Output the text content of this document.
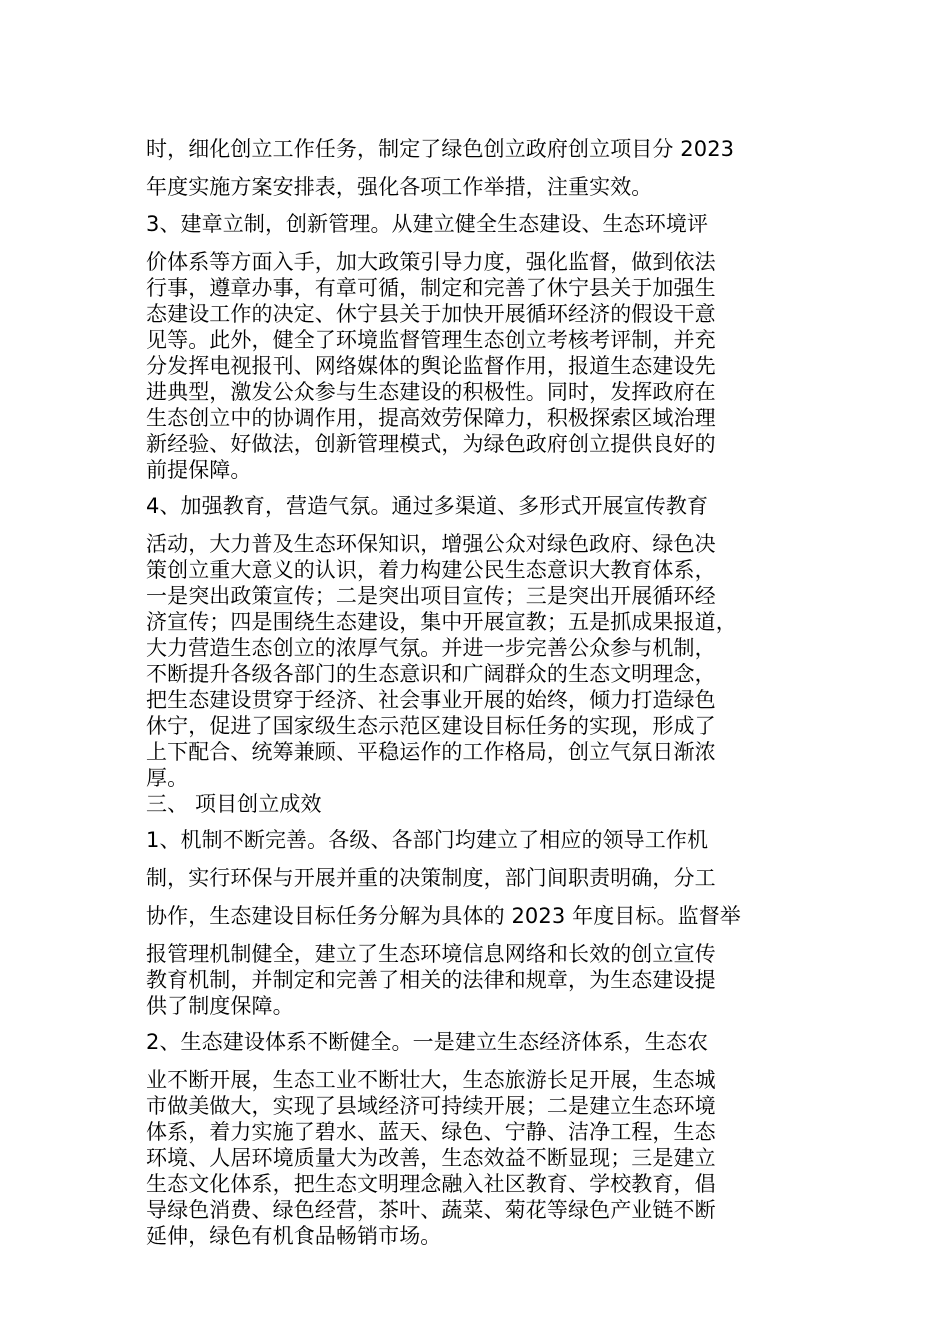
时，细化创立工作任务，制定了绿色创立政府创立项目分 2023
年度实施方案安排表，强化各项工作举措，注重实效。
3、建章立制，创新管理。从建立健全生态建设、生态环境评
价体系等方面入手，加大政策引导力度，强化监督，做到依法
行事，遵章办事，有章可循，制定和完善了休宁县关于加强生
态建设工作的决定、休宁县关于加快开展循环经济的假设干意
见等。此外，健全了环境监督管理生态创立考核考评制，并充
分发挥电视报刊、网络媒体的舆论监督作用，报道生态建设先
进典型，激发公众参与生态建设的积极性。同时，发挥政府在
生态创立中的协调作用，提高效劳保障力，积极探索区域治理
新经验、好做法，创新管理模式，为绿色政府创立提供良好的
前提保障。
4、加强教育，营造气氛。通过多渠道、多形式开展宣传教育
活动，大力普及生态环保知识，增强公众对绿色政府、绿色决
策创立重大意义的认识，着力构建公民生态意识大教育体系，
一是突出政策宣传；二是突出项目宣传；三是突出开展循环经
济宣传；四是围绕生态建设，集中开展宣教；五是抓成果报道，
大力营造生态创立的浓厚气氛。并进一步完善公众参与机制，
不断提升各级各部门的生态意识和广阔群众的生态文明理念，
把生态建设贯穿于经济、社会事业开展的始终，倾力打造绿色
休宁，促进了国家级生态示范区建设目标任务的实现，形成了
上下配合、统筹兼顾、平稳运作的工作格局，创立气氛日渐浓
厚。
三、 项目创立成效
1、机制不断完善。各级、各部门均建立了相应的领导工作机
制，实行环保与开展并重的决策制度，部门间职责明确，分工
协作，生态建设目标任务分解为具体的 2023 年度目标。监督举
报管理机制健全，建立了生态环境信息网络和长效的创立宣传
教育机制，并制定和完善了相关的法律和规章，为生态建设提
供了制度保障。
2、生态建设体系不断健全。一是建立生态经济体系，生态农
业不断开展，生态工业不断壮大，生态旅游长足开展，生态城
市做美做大，实现了县域经济可持续开展；二是建立生态环境
体系，着力实施了碧水、蓝天、绿色、宁静、洁净工程，生态
环境、人居环境质量大为改善，生态效益不断显现；三是建立
生态文化体系，把生态文明理念融入社区教育、学校教育，倡
导绿色消费、绿色经营，茶叶、蔬菜、菊花等绿色产业链不断
延伸，绿色有机食品畅销市场。
